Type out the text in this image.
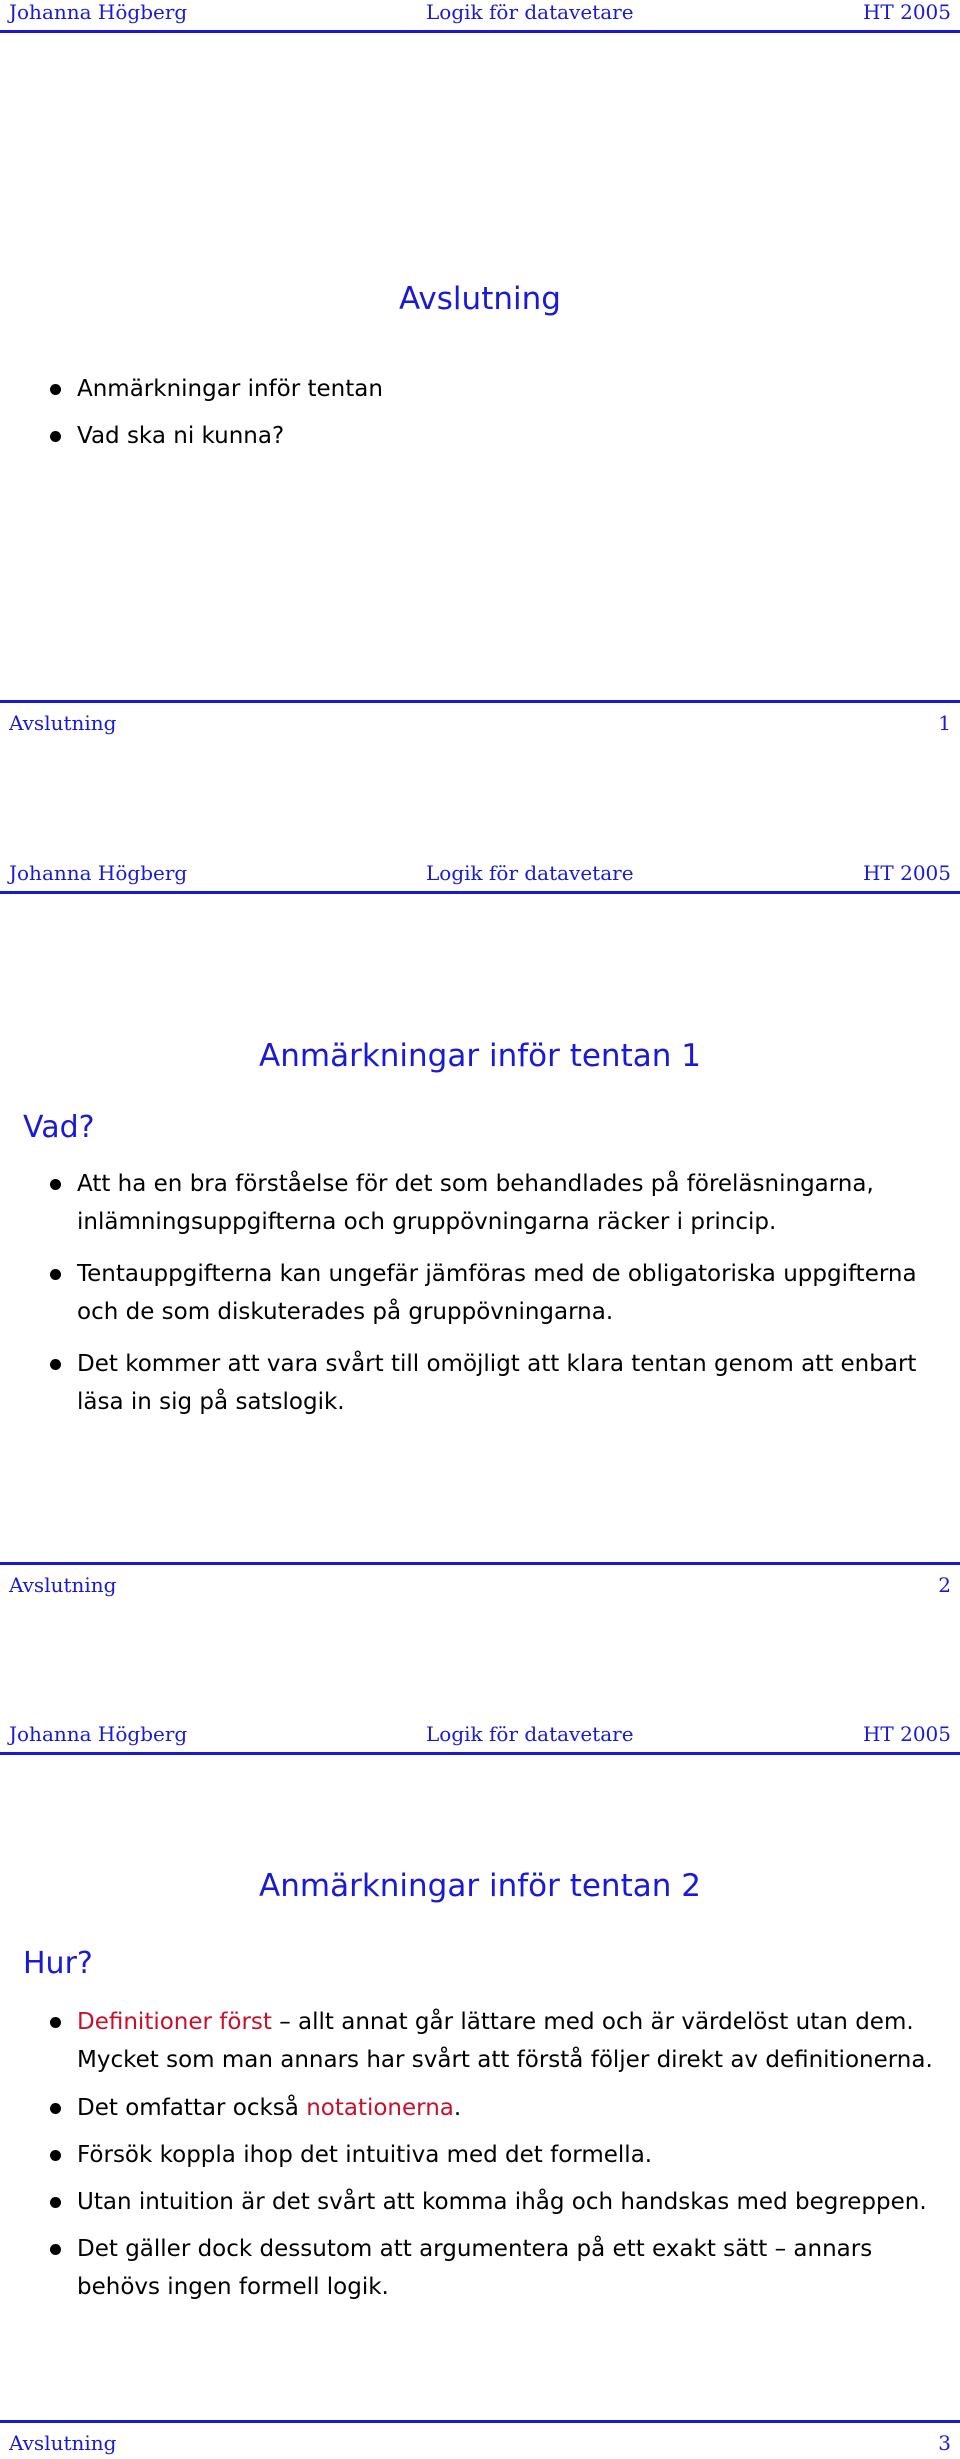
Johanna Högberg	Logik för datavetare	HT 2005
Avslutning
Anmärkningar inför tentan
Vad ska ni kunna?
Avslutning	1
Johanna Högberg	Logik för datavetare	HT 2005
Anmärkningar inför tentan 1
Vad?
Att ha en bra förståelse för det som behandlades på föreläsningarna, inlämningsuppgifterna och gruppövningarna räcker i princip.
Tentauppgifterna kan ungefär jämföras med de obligatoriska uppgifterna och de som diskuterades på gruppövningarna.
Det kommer att vara svårt till omöjligt att klara tentan genom att enbart läsa in sig på satslogik.
Avslutning	2
Johanna Högberg	Logik för datavetare	HT 2005
Anmärkningar inför tentan 2
Hur?
Definitioner först – allt annat går lättare med och är värdelöst utan dem. Mycket som man annars har svårt att förstå följer direkt av definitionerna.
Det omfattar också notationerna.
Försök koppla ihop det intuitiva med det formella.
Utan intuition är det svårt att komma ihåg och handskas med begreppen.
Det gäller dock dessutom att argumentera på ett exakt sätt – annars behövs ingen formell logik.
Avslutning	3
